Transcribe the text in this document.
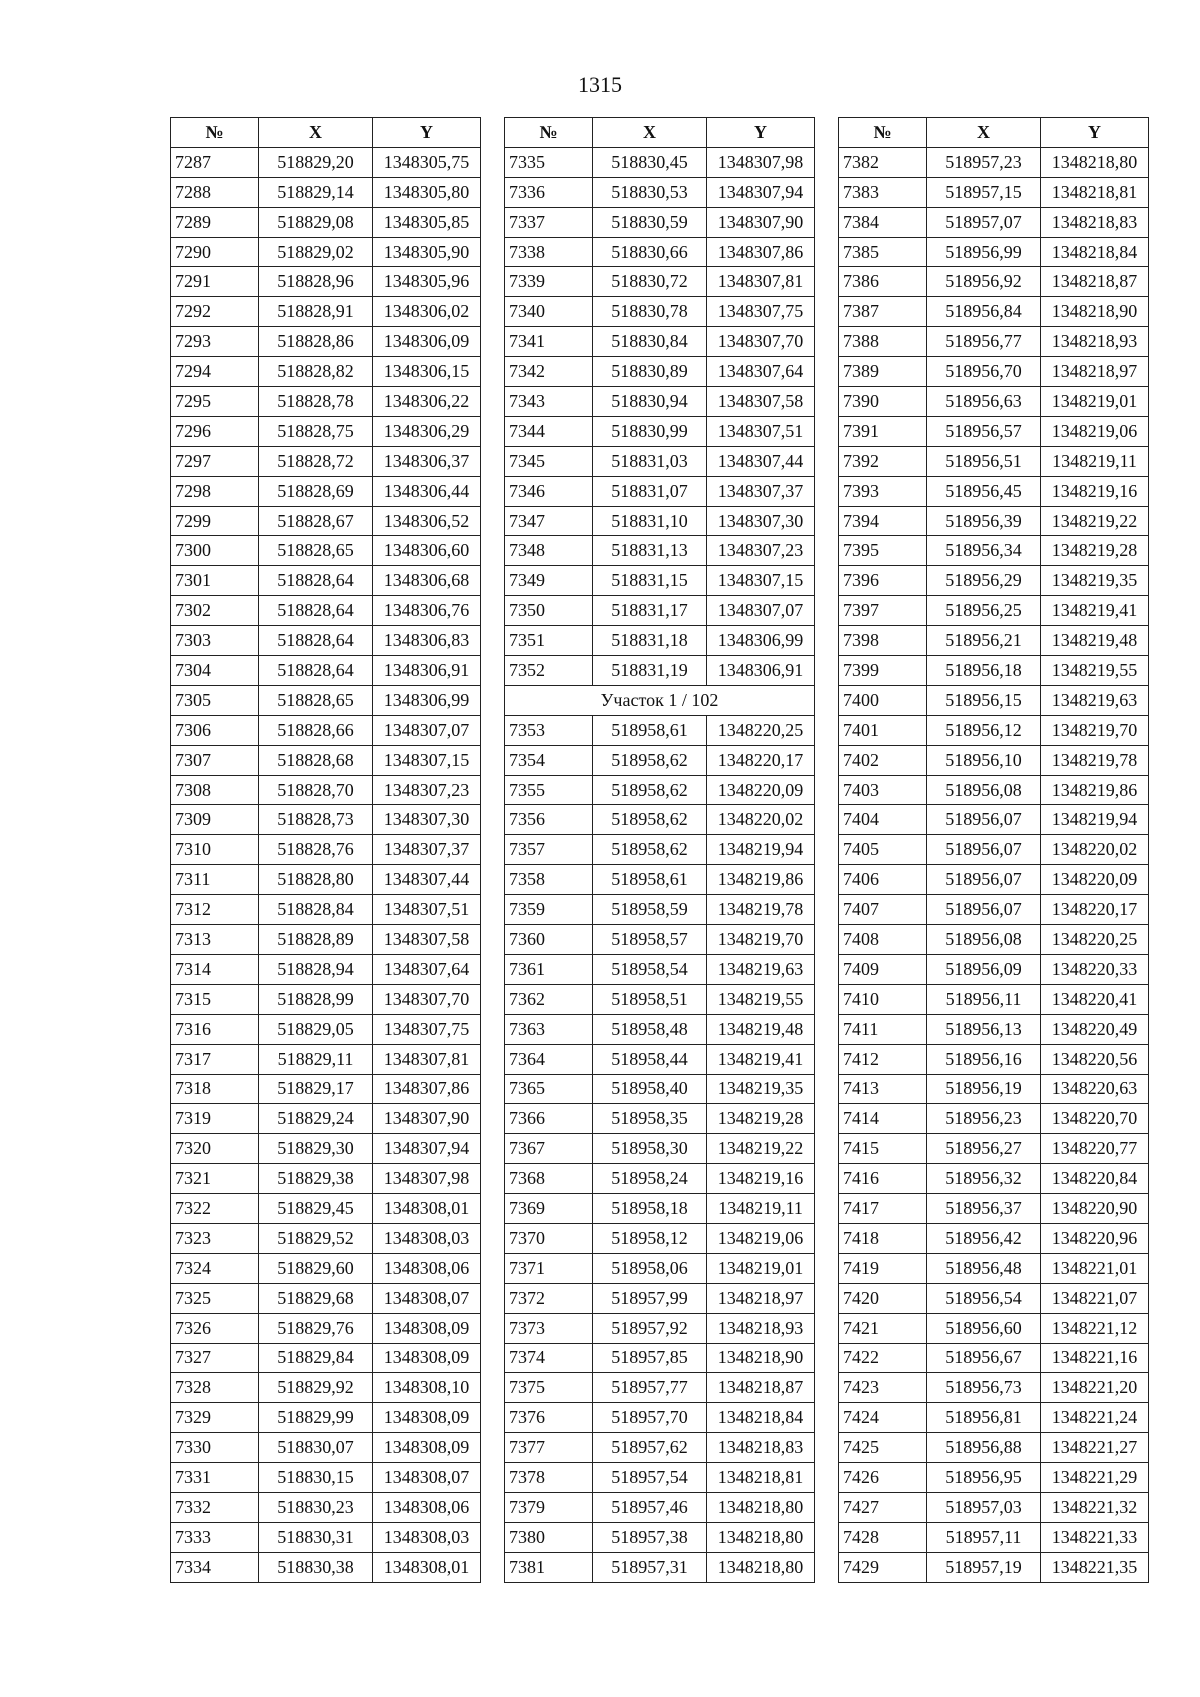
1315
№	X	Y
7287	518829,20	1348305,75
7288	518829,14	1348305,80
7289	518829,08	1348305,85
7290	518829,02	1348305,90
7291	518828,96	1348305,96
7292	518828,91	1348306,02
7293	518828,86	1348306,09
7294	518828,82	1348306,15
7295	518828,78	1348306,22
7296	518828,75	1348306,29
7297	518828,72	1348306,37
7298	518828,69	1348306,44
7299	518828,67	1348306,52
7300	518828,65	1348306,60
7301	518828,64	1348306,68
7302	518828,64	1348306,76
7303	518828,64	1348306,83
7304	518828,64	1348306,91
7305	518828,65	1348306,99
7306	518828,66	1348307,07
7307	518828,68	1348307,15
7308	518828,70	1348307,23
7309	518828,73	1348307,30
7310	518828,76	1348307,37
7311	518828,80	1348307,44
7312	518828,84	1348307,51
7313	518828,89	1348307,58
7314	518828,94	1348307,64
7315	518828,99	1348307,70
7316	518829,05	1348307,75
7317	518829,11	1348307,81
7318	518829,17	1348307,86
7319	518829,24	1348307,90
7320	518829,30	1348307,94
7321	518829,38	1348307,98
7322	518829,45	1348308,01
7323	518829,52	1348308,03
7324	518829,60	1348308,06
7325	518829,68	1348308,07
7326	518829,76	1348308,09
7327	518829,84	1348308,09
7328	518829,92	1348308,10
7329	518829,99	1348308,09
7330	518830,07	1348308,09
7331	518830,15	1348308,07
7332	518830,23	1348308,06
7333	518830,31	1348308,03
7334	518830,38	1348308,01
№	X	Y
7335	518830,45	1348307,98
7336	518830,53	1348307,94
7337	518830,59	1348307,90
7338	518830,66	1348307,86
7339	518830,72	1348307,81
7340	518830,78	1348307,75
7341	518830,84	1348307,70
7342	518830,89	1348307,64
7343	518830,94	1348307,58
7344	518830,99	1348307,51
7345	518831,03	1348307,44
7346	518831,07	1348307,37
7347	518831,10	1348307,30
7348	518831,13	1348307,23
7349	518831,15	1348307,15
7350	518831,17	1348307,07
7351	518831,18	1348306,99
7352	518831,19	1348306,91
Участок 1 / 102		
7353	518958,61	1348220,25
7354	518958,62	1348220,17
7355	518958,62	1348220,09
7356	518958,62	1348220,02
7357	518958,62	1348219,94
7358	518958,61	1348219,86
7359	518958,59	1348219,78
7360	518958,57	1348219,70
7361	518958,54	1348219,63
7362	518958,51	1348219,55
7363	518958,48	1348219,48
7364	518958,44	1348219,41
7365	518958,40	1348219,35
7366	518958,35	1348219,28
7367	518958,30	1348219,22
7368	518958,24	1348219,16
7369	518958,18	1348219,11
7370	518958,12	1348219,06
7371	518958,06	1348219,01
7372	518957,99	1348218,97
7373	518957,92	1348218,93
7374	518957,85	1348218,90
7375	518957,77	1348218,87
7376	518957,70	1348218,84
7377	518957,62	1348218,83
7378	518957,54	1348218,81
7379	518957,46	1348218,80
7380	518957,38	1348218,80
7381	518957,31	1348218,80
№	X	Y
7382	518957,23	1348218,80
7383	518957,15	1348218,81
7384	518957,07	1348218,83
7385	518956,99	1348218,84
7386	518956,92	1348218,87
7387	518956,84	1348218,90
7388	518956,77	1348218,93
7389	518956,70	1348218,97
7390	518956,63	1348219,01
7391	518956,57	1348219,06
7392	518956,51	1348219,11
7393	518956,45	1348219,16
7394	518956,39	1348219,22
7395	518956,34	1348219,28
7396	518956,29	1348219,35
7397	518956,25	1348219,41
7398	518956,21	1348219,48
7399	518956,18	1348219,55
7400	518956,15	1348219,63
7401	518956,12	1348219,70
7402	518956,10	1348219,78
7403	518956,08	1348219,86
7404	518956,07	1348219,94
7405	518956,07	1348220,02
7406	518956,07	1348220,09
7407	518956,07	1348220,17
7408	518956,08	1348220,25
7409	518956,09	1348220,33
7410	518956,11	1348220,41
7411	518956,13	1348220,49
7412	518956,16	1348220,56
7413	518956,19	1348220,63
7414	518956,23	1348220,70
7415	518956,27	1348220,77
7416	518956,32	1348220,84
7417	518956,37	1348220,90
7418	518956,42	1348220,96
7419	518956,48	1348221,01
7420	518956,54	1348221,07
7421	518956,60	1348221,12
7422	518956,67	1348221,16
7423	518956,73	1348221,20
7424	518956,81	1348221,24
7425	518956,88	1348221,27
7426	518956,95	1348221,29
7427	518957,03	1348221,32
7428	518957,11	1348221,33
7429	518957,19	1348221,35
